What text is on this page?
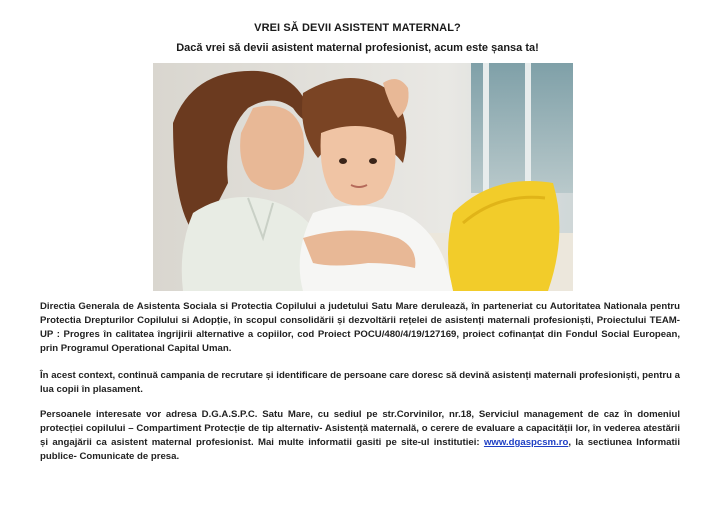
VREI SĂ DEVII ASISTENT MATERNAL?
Dacă vrei să devii asistent maternal profesionist, acum este șansa ta!

Directia Generala de Asistenta Sociala si Protectia Copilului a judetului Satu Mare derulează, în parteneriat cu Autoritatea Nationala pentru Protectia Drepturilor Copilului si Adopție, în scopul consolidării și dezvoltării rețelei de asistenți maternali profesioniști, Proiectului TEAM-UP : Progres în calitatea îngrijirii alternative a copiilor, cod Proiect POCU/480/4/19/127169, proiect cofinanțat din Fondul Social European, prin Programul Operational Capital Uman.

În acest context, continuă campania de recrutare și identificare de persoane care doresc să devină asistenți maternali profesioniști, pentru a lua copii în plasament.

Persoanele interesate vor adresa D.G.A.S.P.C. Satu Mare, cu sediul pe str.Corvinilor, nr.18, Serviciul management de caz în domeniul protecției copilului – Compartiment Protecție de tip alternativ- Asistență maternală, o cerere de evaluare a capacității lor, în vederea atestării și angajării ca asistent maternal profesionist. Mai multe informatii gasiti pe site-ul institutiei: www.dgaspcsm.ro, la sectiunea Informatii publice- Comunicate de presa.
